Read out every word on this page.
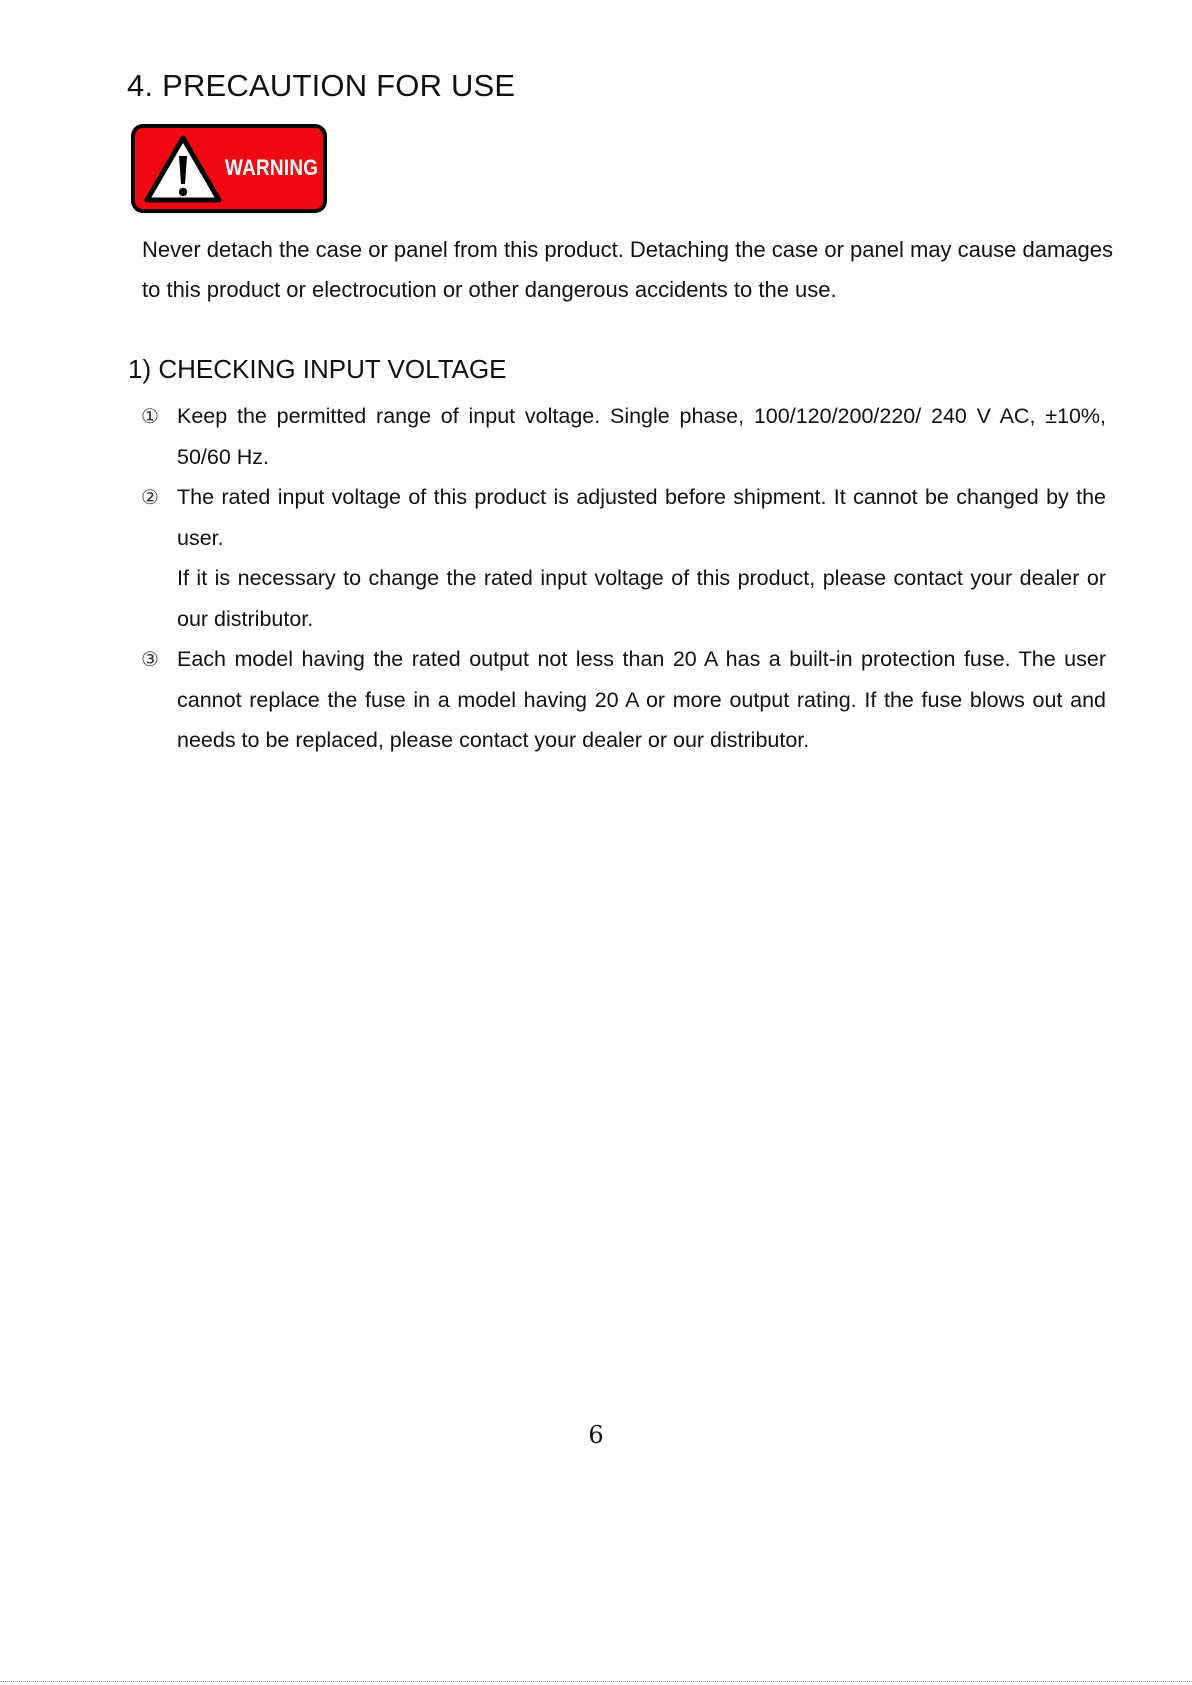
4. PRECAUTION FOR USE
WARNING

Never detach the case or panel from this product. Detaching the case or panel may cause damages to this product or electrocution or other dangerous accidents to the use.

1) CHECKING INPUT VOLTAGE
① Keep the permitted range of input voltage. Single phase, 100/120/200/220/ 240 V AC, ±10%, 50/60 Hz.
② The rated input voltage of this product is adjusted before shipment. It cannot be changed by the user.
If it is necessary to change the rated input voltage of this product, please contact your dealer or our distributor.
③ Each model having the rated output not less than 20 A has a built-in protection fuse. The user cannot replace the fuse in a model having 20 A or more output rating. If the fuse blows out and needs to be replaced, please contact your dealer or our distributor.
6
